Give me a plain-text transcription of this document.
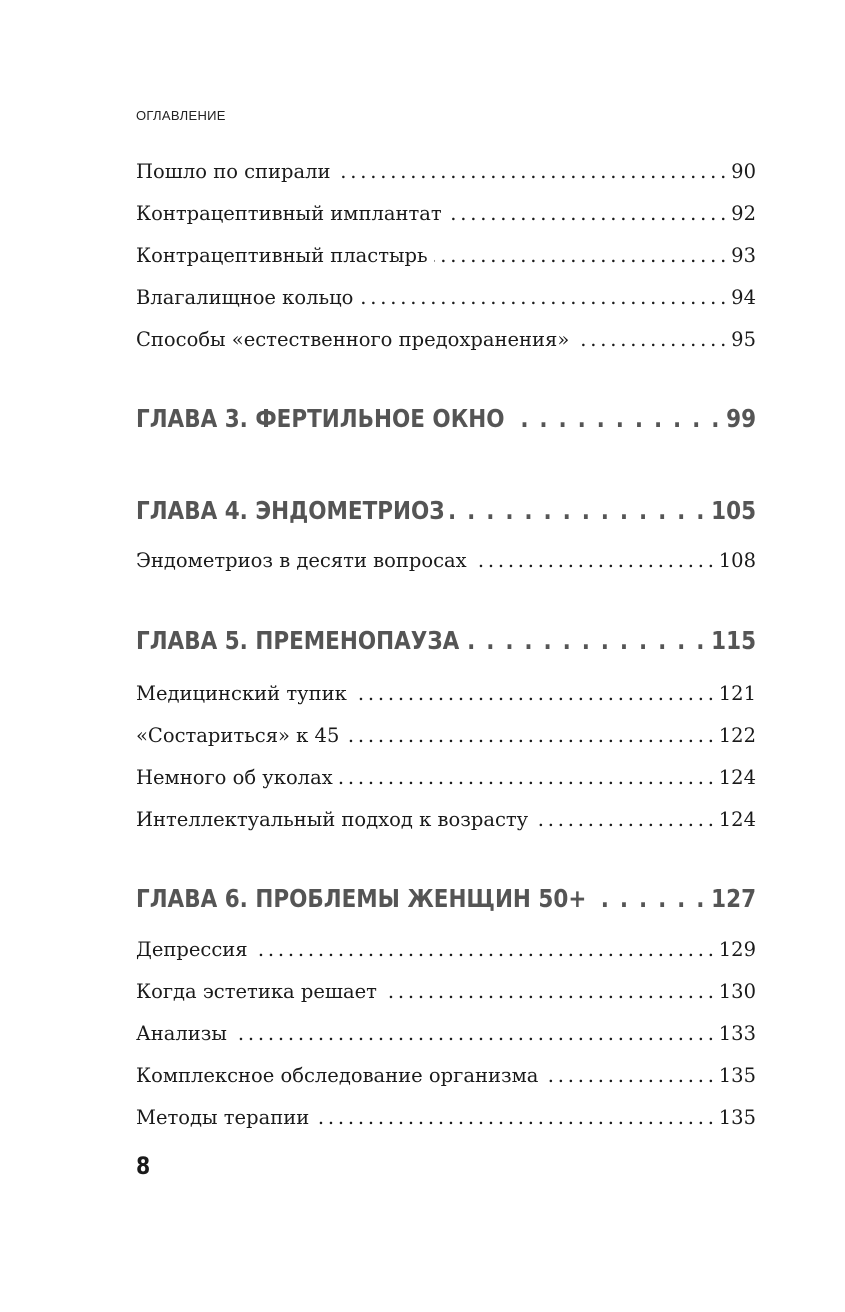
ОГЛАВЛЕНИЕ
Пошло по спирали . . .	90
Контрацептивный имплантат . . .	92
Контрацептивный пластырь . . .	93
Влагалищное кольцо . . .	94
Способы «естественного предохранения» . . .	95
ГЛАВА 3. ФЕРТИЛЬНОЕ ОКНО . . .	99
ГЛАВА 4. ЭНДОМЕТРИОЗ . . .	105
Эндометриоз в десяти вопросах . . .	108
ГЛАВА 5. ПРЕМЕНОПАУЗА . . .	115
Медицинский тупик . . .	121
«Состариться» к 45 . . .	122
Немного об уколах . . .	124
Интеллектуальный подход к возрасту . . .	124
ГЛАВА 6. ПРОБЛЕМЫ ЖЕНЩИН 50+ . . .	127
Депрессия . . .	129
Когда эстетика решает . . .	130
Анализы . . .	133
Комплексное обследование организма . . .	135
Методы терапии . . .	135
8
